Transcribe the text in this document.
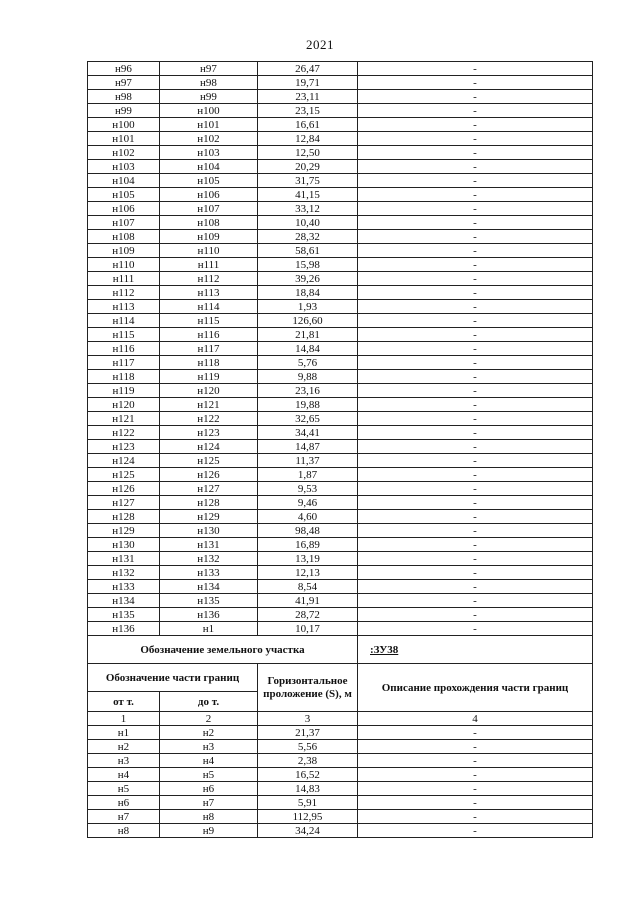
2021
н96	н97	26,47	-
н97	н98	19,71	-
н98	н99	23,11	-
н99	н100	23,15	-
н100	н101	16,61	-
н101	н102	12,84	-
н102	н103	12,50	-
н103	н104	20,29	-
н104	н105	31,75	-
н105	н106	41,15	-
н106	н107	33,12	-
н107	н108	10,40	-
н108	н109	28,32	-
н109	н110	58,61	-
н110	н111	15,98	-
н111	н112	39,26	-
н112	н113	18,84	-
н113	н114	1,93	-
н114	н115	126,60	-
н115	н116	21,81	-
н116	н117	14,84	-
н117	н118	5,76	-
н118	н119	9,88	-
н119	н120	23,16	-
н120	н121	19,88	-
н121	н122	32,65	-
н122	н123	34,41	-
н123	н124	14,87	-
н124	н125	11,37	-
н125	н126	1,87	-
н126	н127	9,53	-
н127	н128	9,46	-
н128	н129	4,60	-
н129	н130	98,48	-
н130	н131	16,89	-
н131	н132	13,19	-
н132	н133	12,13	-
н133	н134	8,54	-
н134	н135	41,91	-
н135	н136	28,72	-
н136	н1	10,17	-
Обозначение земельного участка			:ЗУ38
Обозначение части границ		Горизонтальное проложение (S), м	Описание прохождения части границ
от т.	до т.		
1	2	3	4
н1	н2	21,37	-
н2	н3	5,56	-
н3	н4	2,38	-
н4	н5	16,52	-
н5	н6	14,83	-
н6	н7	5,91	-
н7	н8	112,95	-
н8	н9	34,24	-
